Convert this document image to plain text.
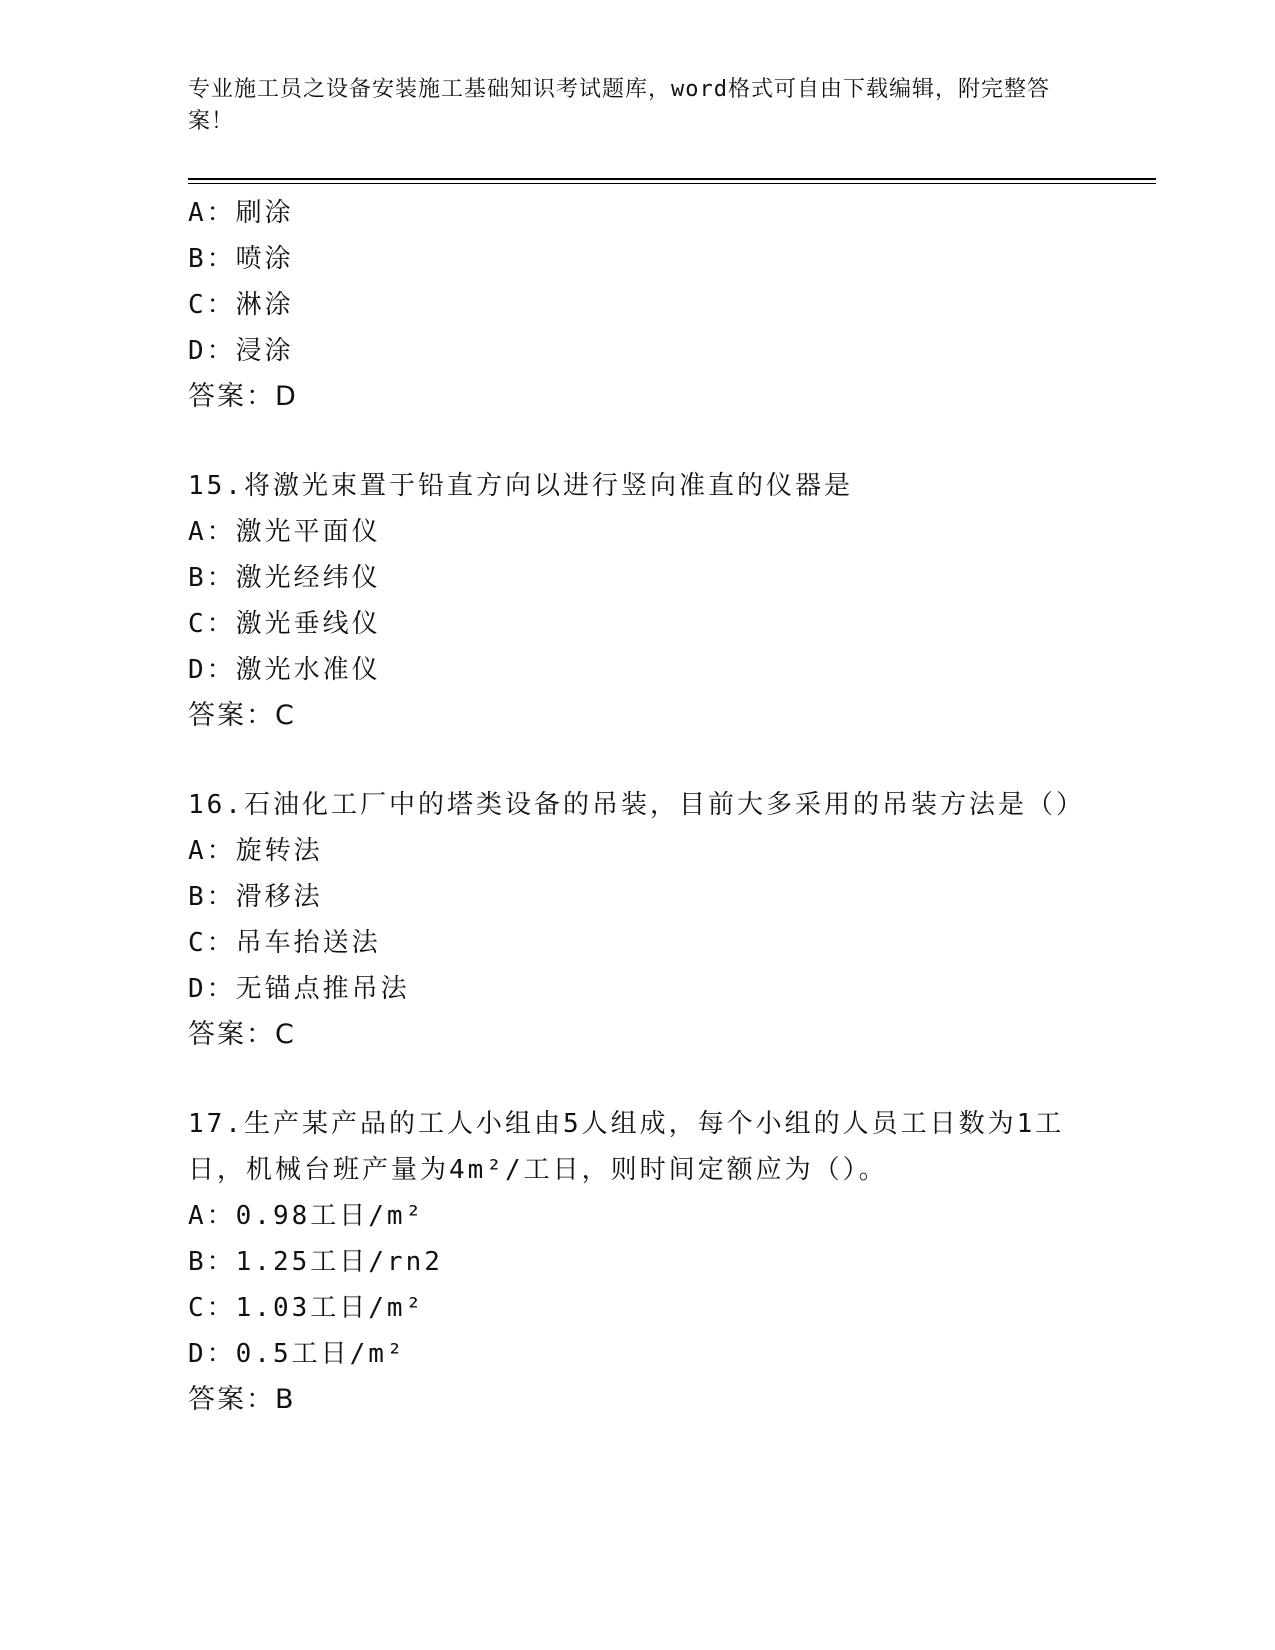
专业施工员之设备安装施工基础知识考试题库，word格式可自由下载编辑，附完整答案！
A：刷涂
B：喷涂
C：淋涂
D：浸涂
答案：D
15.将激光束置于铅直方向以进行竖向准直的仪器是
A：激光平面仪
B：激光经纬仪
C：激光垂线仪
D：激光水准仪
答案：C
16.石油化工厂中的塔类设备的吊装，目前大多采用的吊装方法是（）
A：旋转法
B：滑移法
C：吊车抬送法
D：无锚点推吊法
答案：C
17.生产某产品的工人小组由5人组成，每个小组的人员工日数为1工日，机械台班产量为4m²/工日，则时间定额应为（）。
A：0.98工日/m²
B：1.25工日/rn2
C：1.03工日/m²
D：0.5工日/m²
答案：B
